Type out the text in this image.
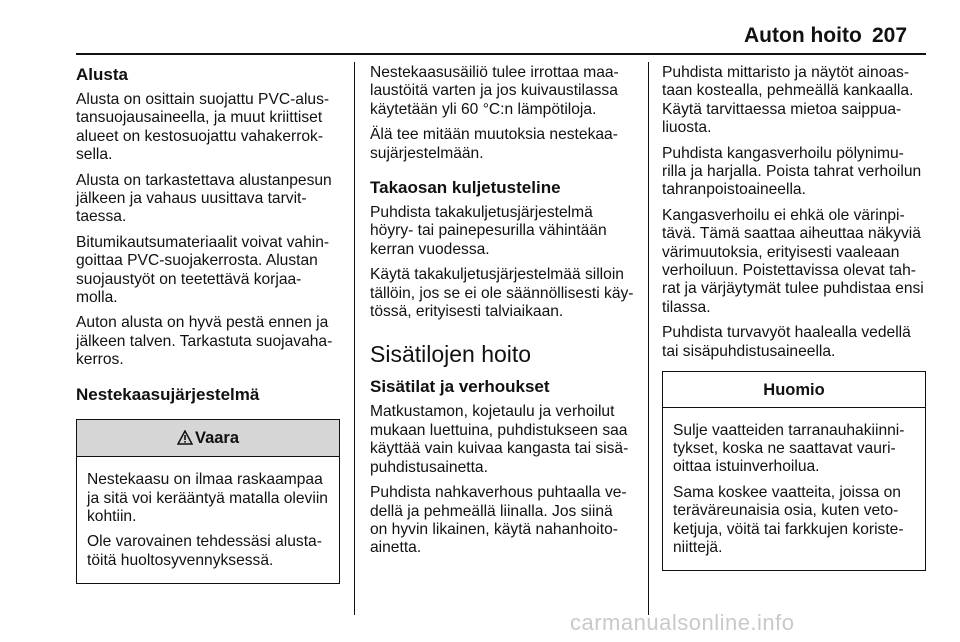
Auton hoito 207
Alusta

Alusta on osittain suojattu PVC-alus-
tansuojausaineella, ja muut kriittiset
alueet on kestosuojattu vahakerrok-
sella.

Alusta on tarkastettava alustanpesun
jälkeen ja vahaus uusittava tarvit-
taessa.

Bitumikautsumateriaalit voivat vahin-
goittaa PVC-suojakerrosta. Alustan
suojaustyöt on teetettävä korjaa-
molla.

Auton alusta on hyvä pestä ennen ja
jälkeen talven. Tarkastuta suojavaha-
kerros.

Nestekaasujärjestelmä
Vaara

Nestekaasu on ilmaa raskaampaa
ja sitä voi kerääntyä matalla oleviin
kohtiin.

Ole varovainen tehdessäsi alusta-
töitä huoltosyvennyksessä.

Nestekaasusäiliö tulee irrottaa maa-
laustöitä varten ja jos kuivaustilassa
käytetään yli 60 °C:n lämpötiloja.

Älä tee mitään muutoksia nestekaa-
sujärjestelmään.

Takaosan kuljetusteline

Puhdista takakuljetusjärjestelmä
höyry- tai painepesurilla vähintään
kerran vuodessa.

Käytä takakuljetusjärjestelmää silloin
tällöin, jos se ei ole säännöllisesti käy-
tössä, erityisesti talviaikaan.

Sisätilojen hoito
Sisätilat ja verhoukset

Matkustamon, kojetaulu ja verhoilut
mukaan luettuina, puhdistukseen saa
käyttää vain kuivaa kangasta tai sisä-
puhdistusainetta.

Puhdista nahkaverhous puhtaalla ve-
dellä ja pehmeällä liinalla. Jos siinä
on hyvin likainen, käytä nahanhoito-
ainetta.

Puhdista mittaristo ja näytöt ainoas-
taan kostealla, pehmeällä kankaalla.
Käytä tarvittaessa mietoa saippua-
liuosta.

Puhdista kangasverhoilu pölynimu-
rilla ja harjalla. Poista tahrat verhoilun
tahranpoistoaineella.

Kangasverhoilu ei ehkä ole värinpi-
tävä. Tämä saattaa aiheuttaa näkyviä
värimuutoksia, erityisesti vaaleaan
verhoiluun. Poistettavissa olevat tah-
rat ja värjäytymät tulee puhdistaa ensi
tilassa.

Puhdista turvavyöt haalealla vedellä
tai sisäpuhdistusaineella.

Huomio

Sulje vaatteiden tarranauhakiinni-
tykset, koska ne saattavat vauri-
oittaa istuinverhoilua.

Sama koskee vaatteita, joissa on
teräväreunaisia osia, kuten veto-
ketjuja, vöitä tai farkkujen koriste-
niittejä.

carmanualsonline.info
